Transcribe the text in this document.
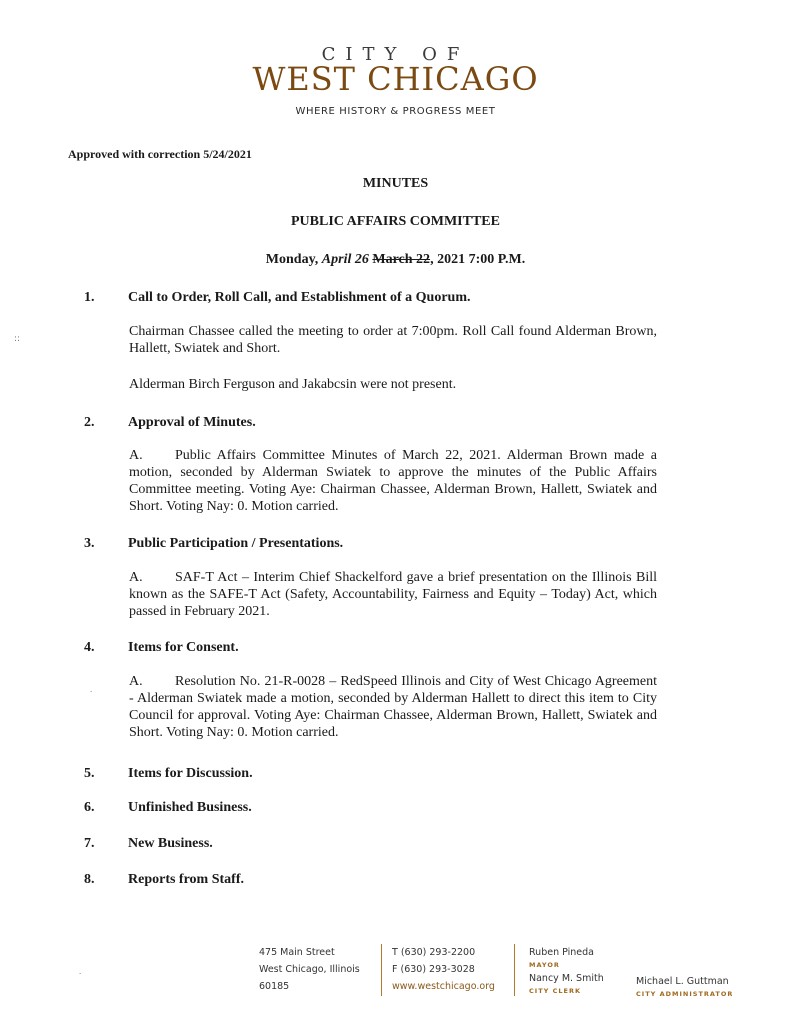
CITY OF
WEST CHICAGO
WHERE HISTORY & PROGRESS MEET
Approved with correction 5/24/2021
MINUTES
PUBLIC AFFAIRS COMMITTEE
Monday, April 26 March 22, 2021 7:00 P.M.
::
1. Call to Order, Roll Call, and Establishment of a Quorum.
Chairman Chassee called the meeting to order at 7:00pm. Roll Call found Alderman Brown, Hallett, Swiatek and Short.
Alderman Birch Ferguson and Jakabcsin were not present.
2. Approval of Minutes.
A. Public Affairs Committee Minutes of March 22, 2021. Alderman Brown made a motion, seconded by Alderman Swiatek to approve the minutes of the Public Affairs Committee meeting. Voting Aye: Chairman Chassee, Alderman Brown, Hallett, Swiatek and Short. Voting Nay: 0. Motion carried.
3. Public Participation / Presentations.
A. SAF-T Act – Interim Chief Shackelford gave a brief presentation on the Illinois Bill known as the SAFE-T Act (Safety, Accountability, Fairness and Equity – Today) Act, which passed in February 2021.
4. Items for Consent.
.	A. Resolution No. 21-R-0028 – RedSpeed Illinois and City of West Chicago Agreement - Alderman Swiatek made a motion, seconded by Alderman Hallett to direct this item to City Council for approval. Voting Aye: Chairman Chassee, Alderman Brown, Hallett, Swiatek and Short. Voting Nay: 0. Motion carried.
5. Items for Discussion.
6. Unfinished Business.
7. New Business.
8. Reports from Staff.
.
475 Main Street
West Chicago, Illinois
60185
T (630) 293-2200
F (630) 293-3028
www.westchicago.org
Ruben Pineda
MAYOR
Nancy M. Smith
CITY CLERK
Michael L. Guttman
CITY ADMINISTRATOR
